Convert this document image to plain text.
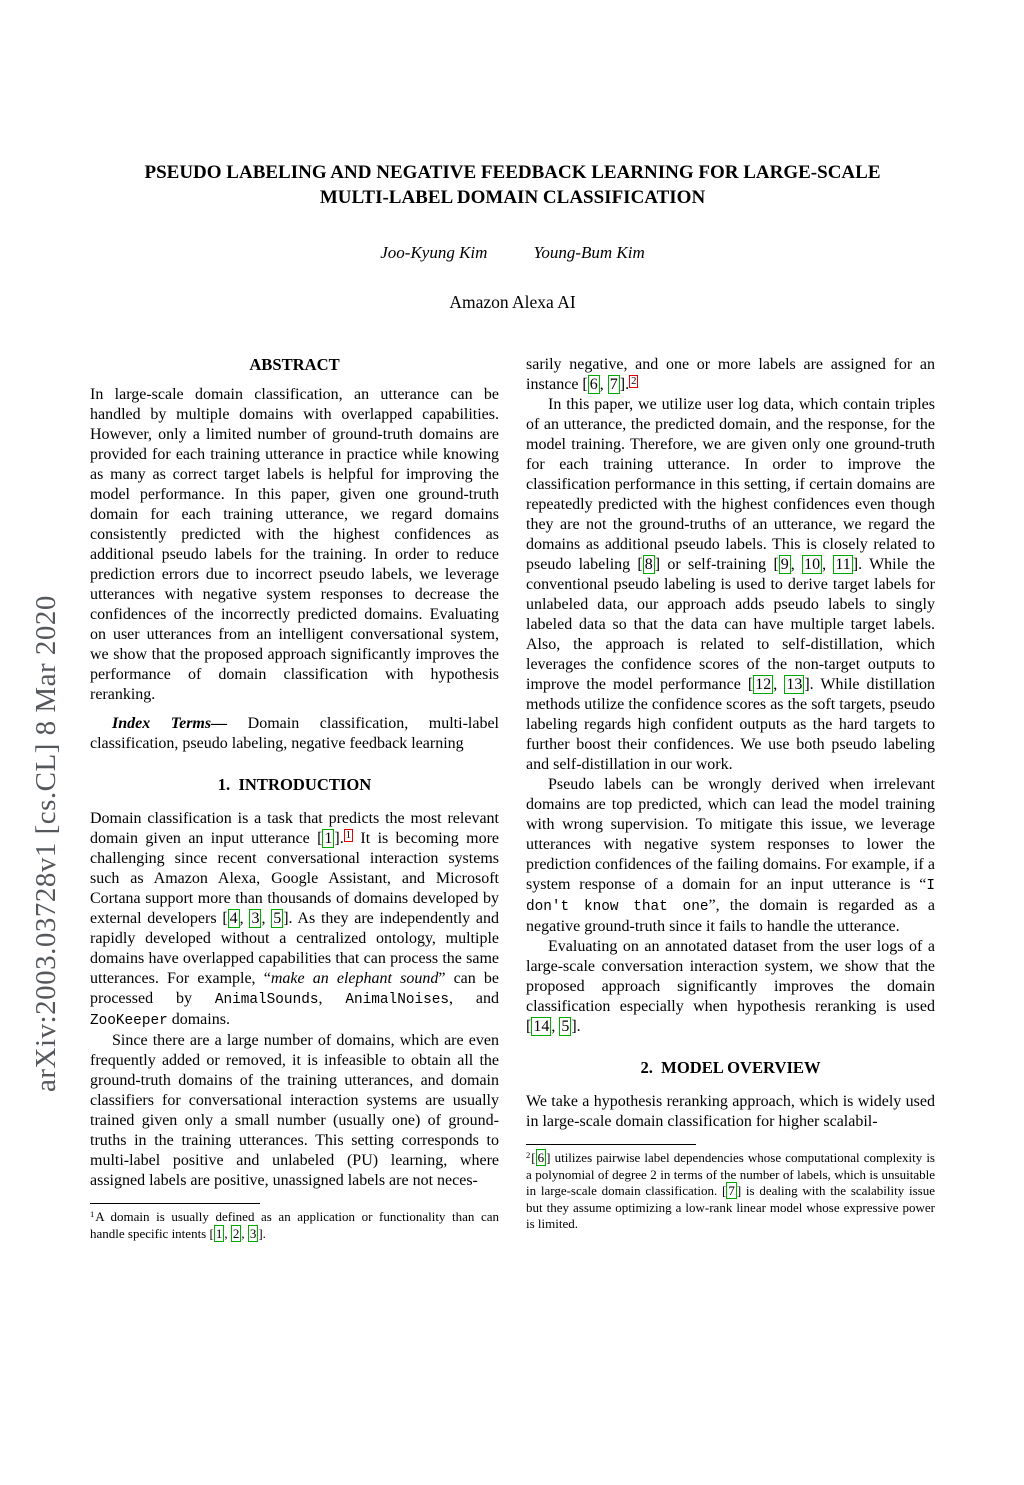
arXiv:2003.03728v1 [cs.CL] 8 Mar 2020
PSEUDO LABELING AND NEGATIVE FEEDBACK LEARNING FOR LARGE-SCALE
MULTI-LABEL DOMAIN CLASSIFICATION
Joo-Kyung Kim	Young-Bum Kim
Amazon Alexa AI
ABSTRACT

In large-scale domain classification, an utterance can be handled by multiple domains with overlapped capabilities. However, only a limited number of ground-truth domains are provided for each training utterance in practice while knowing as many as correct target labels is helpful for improving the model performance. In this paper, given one ground-truth domain for each training utterance, we regard domains consistently predicted with the highest confidences as additional pseudo labels for the training. In order to reduce prediction errors due to incorrect pseudo labels, we leverage utterances with negative system responses to decrease the confidences of the incorrectly predicted domains. Evaluating on user utterances from an intelligent conversational system, we show that the proposed approach significantly improves the performance of domain classification with hypothesis reranking.

Index Terms— Domain classification, multi-label classification, pseudo labeling, negative feedback learning

1.  INTRODUCTION

Domain classification is a task that predicts the most relevant domain given an input utterance [ 1 ]. $^1$ It is becoming more challenging since recent conversational interaction systems such as Amazon Alexa, Google Assistant, and Microsoft Cortana support more than thousands of domains developed by external developers [ 4 , 3 , 5 ]. As they are independently and rapidly developed without a centralized ontology, multiple domains have overlapped capabilities that can process the same utterances. For example, “make an elephant sound” can be processed by AnimalSounds, AnimalNoises, and ZooKeeper domains.

Since there are a large number of domains, which are even frequently added or removed, it is infeasible to obtain all the ground-truth domains of the training utterances, and domain classifiers for conversational interaction systems are usually trained given only a small number (usually one) of ground-truths in the training utterances. This setting corresponds to multi-label positive and unlabeled (PU) learning, where assigned labels are positive, unassigned labels are not neces-

$^1$A domain is usually defined as an application or functionality than can handle specific intents [ 1 , 2 , 3 ].

sarily negative, and one or more labels are assigned for an instance [ 6 , 7 ]. $^2$

In this paper, we utilize user log data, which contain triples of an utterance, the predicted domain, and the response, for the model training. Therefore, we are given only one ground-truth for each training utterance. In order to improve the classification performance in this setting, if certain domains are repeatedly predicted with the highest confidences even though they are not the ground-truths of an utterance, we regard the domains as additional pseudo labels. This is closely related to pseudo labeling [ 8 ] or self-training [ 9 , 10 , 11 ]. While the conventional pseudo labeling is used to derive target labels for unlabeled data, our approach adds pseudo labels to singly labeled data so that the data can have multiple target labels. Also, the approach is related to self-distillation, which leverages the confidence scores of the non-target outputs to improve the model performance [ 12 , 13 ]. While distillation methods utilize the confidence scores as the soft targets, pseudo labeling regards high confident outputs as the hard targets to further boost their confidences. We use both pseudo labeling and self-distillation in our work.

Pseudo labels can be wrongly derived when irrelevant domains are top predicted, which can lead the model training with wrong supervision. To mitigate this issue, we leverage utterances with negative system responses to lower the prediction confidences of the failing domains. For example, if a system response of a domain for an input utterance is “I don't know that one”, the domain is regarded as a negative ground-truth since it fails to handle the utterance.

Evaluating on an annotated dataset from the user logs of a large-scale conversation interaction system, we show that the proposed approach significantly improves the domain classification especially when hypothesis reranking is used [ 14 , 5 ].

2.  MODEL OVERVIEW

We take a hypothesis reranking approach, which is widely used in large-scale domain classification for higher scalabil-

$^2$[ 6 ] utilizes pairwise label dependencies whose computational complexity is a polynomial of degree 2 in terms of the number of labels, which is unsuitable in large-scale domain classification. [ 7 ] is dealing with the scalability issue but they assume optimizing a low-rank linear model whose expressive power is limited.
